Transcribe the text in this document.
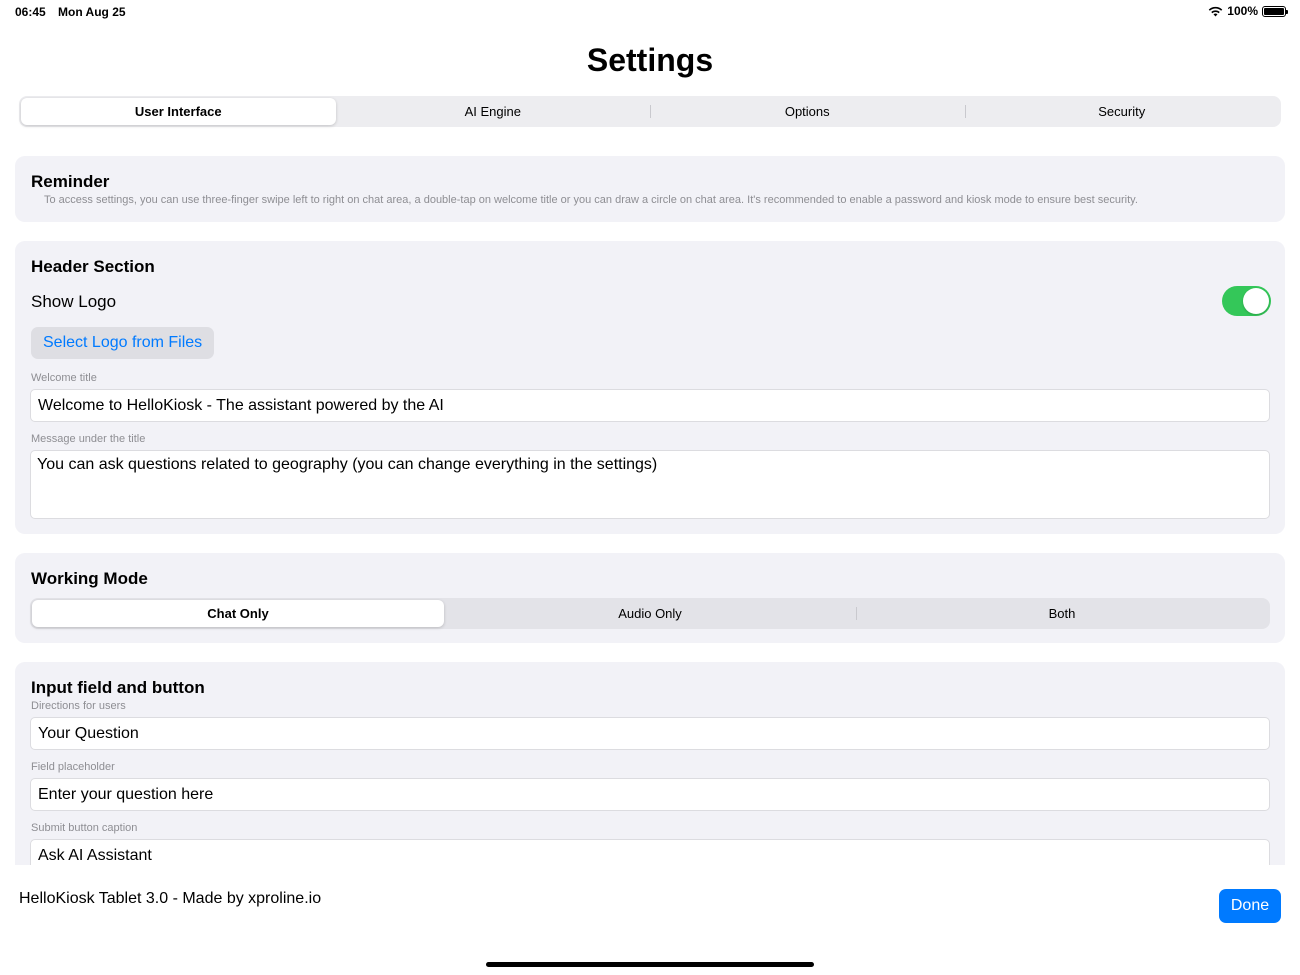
06:45 Mon Aug 25	100%
Settings
User Interface	AI Engine	Options	Security
Reminder
To access settings, you can use three-finger swipe left to right on chat area, a double-tap on welcome title or you can draw a circle on chat area. It's recommended to enable a password and kiosk mode to ensure best security.
Header Section
Show Logo
Select Logo from Files
Welcome title
Welcome to HelloKiosk - The assistant powered by the AI
Message under the title
You can ask questions related to geography (you can change everything in the settings)
Working Mode
Chat Only	Audio Only	Both
Input field and button
Directions for users
Your Question
Field placeholder
Enter your question here
Submit button caption
Ask AI Assistant
HelloKiosk Tablet 3.0 - Made by xproline.io	Done
